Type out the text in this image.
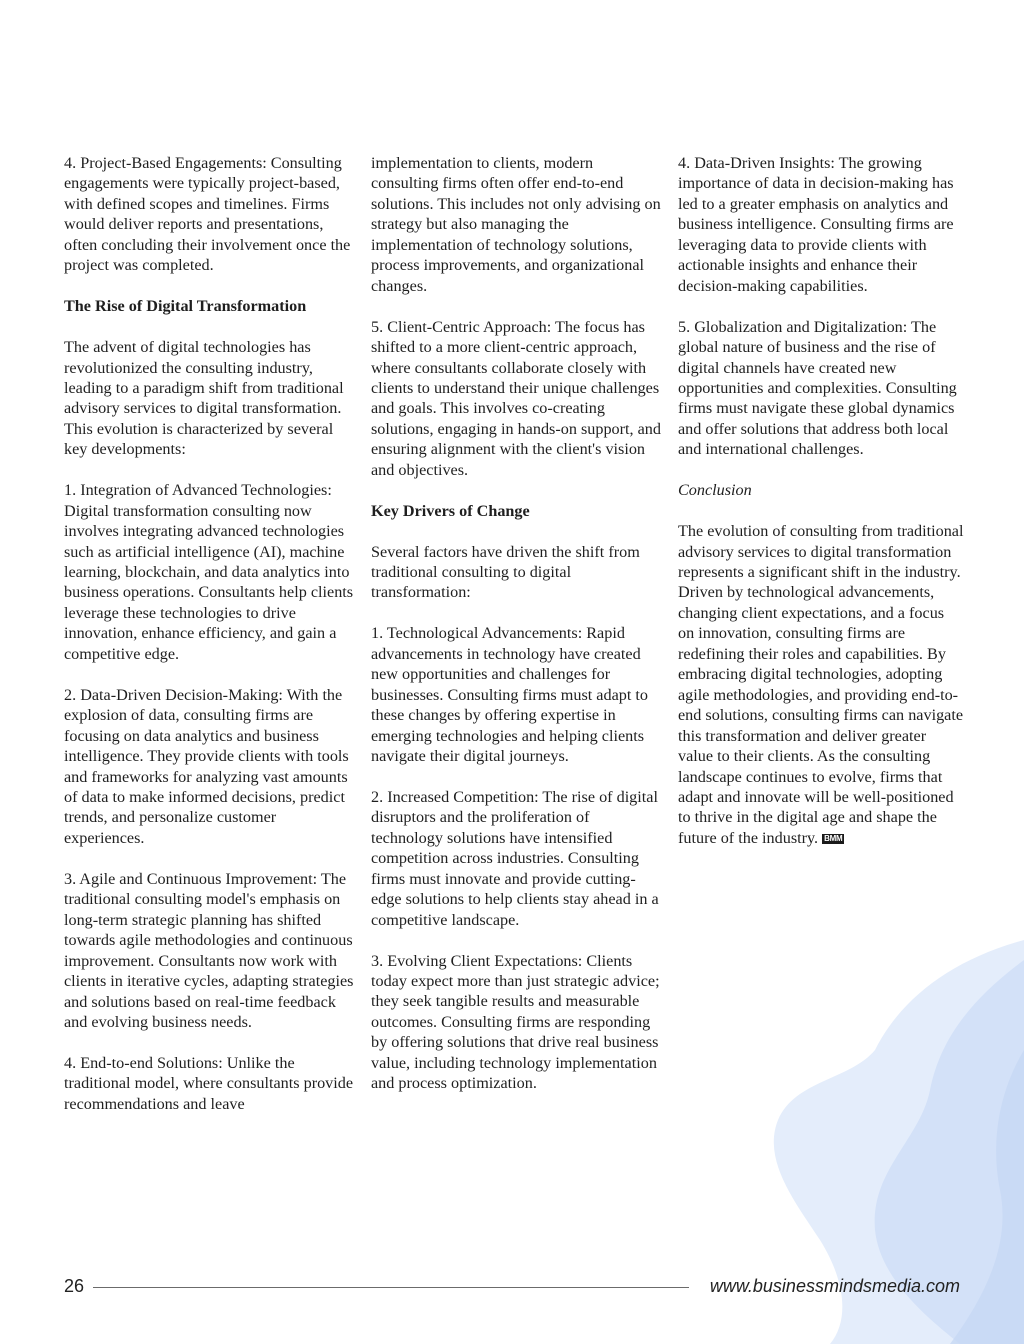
4. Project-Based Engagements: Consulting engagements were typically project-based, with defined scopes and timelines. Firms would deliver reports and presentations, often concluding their involvement once the project was completed.

The Rise of Digital Transformation

The advent of digital technologies has revolutionized the consulting industry, leading to a paradigm shift from traditional advisory services to digital transformation. This evolution is characterized by several key developments:

1. Integration of Advanced Technologies: Digital transformation consulting now involves integrating advanced technologies such as artificial intelligence (AI), machine learning, blockchain, and data analytics into business operations. Consultants help clients leverage these technologies to drive innovation, enhance efficiency, and gain a competitive edge.

2. Data-Driven Decision-Making: With the explosion of data, consulting firms are focusing on data analytics and business intelligence. They provide clients with tools and frameworks for analyzing vast amounts of data to make informed decisions, predict trends, and personalize customer experiences.

3. Agile and Continuous Improvement: The traditional consulting model's emphasis on long-term strategic planning has shifted towards agile methodologies and continuous improvement. Consultants now work with clients in iterative cycles, adapting strategies and solutions based on real-time feedback and evolving business needs.

4. End-to-end Solutions: Unlike the traditional model, where consultants provide recommendations and leave

implementation to clients, modern consulting firms often offer end-to-end solutions. This includes not only advising on strategy but also managing the implementation of technology solutions, process improvements, and organizational changes.

5. Client-Centric Approach: The focus has shifted to a more client-centric approach, where consultants collaborate closely with clients to understand their unique challenges and goals. This involves co-creating solutions, engaging in hands-on support, and ensuring alignment with the client's vision and objectives.

Key Drivers of Change

Several factors have driven the shift from traditional consulting to digital transformation:

1. Technological Advancements: Rapid advancements in technology have created new opportunities and challenges for businesses. Consulting firms must adapt to these changes by offering expertise in emerging technologies and helping clients navigate their digital journeys.

2. Increased Competition: The rise of digital disruptors and the proliferation of technology solutions have intensified competition across industries. Consulting firms must innovate and provide cutting-edge solutions to help clients stay ahead in a competitive landscape.

3. Evolving Client Expectations: Clients today expect more than just strategic advice; they seek tangible results and measurable outcomes. Consulting firms are responding by offering solutions that drive real business value, including technology implementation and process optimization.

4. Data-Driven Insights: The growing importance of data in decision-making has led to a greater emphasis on analytics and business intelligence. Consulting firms are leveraging data to provide clients with actionable insights and enhance their decision-making capabilities.

5. Globalization and Digitalization: The global nature of business and the rise of digital channels have created new opportunities and complexities. Consulting firms must navigate these global dynamics and offer solutions that address both local and international challenges.

Conclusion

The evolution of consulting from traditional advisory services to digital transformation represents a significant shift in the industry. Driven by technological advancements, changing client expectations, and a focus on innovation, consulting firms are redefining their roles and capabilities. By embracing digital technologies, adopting agile methodologies, and providing end-to-end solutions, consulting firms can navigate this transformation and deliver greater value to their clients. As the consulting landscape continues to evolve, firms that adapt and innovate will be well-positioned to thrive in the digital age and shape the future of the industry. BMM

26	www.businessmindsmedia.com
